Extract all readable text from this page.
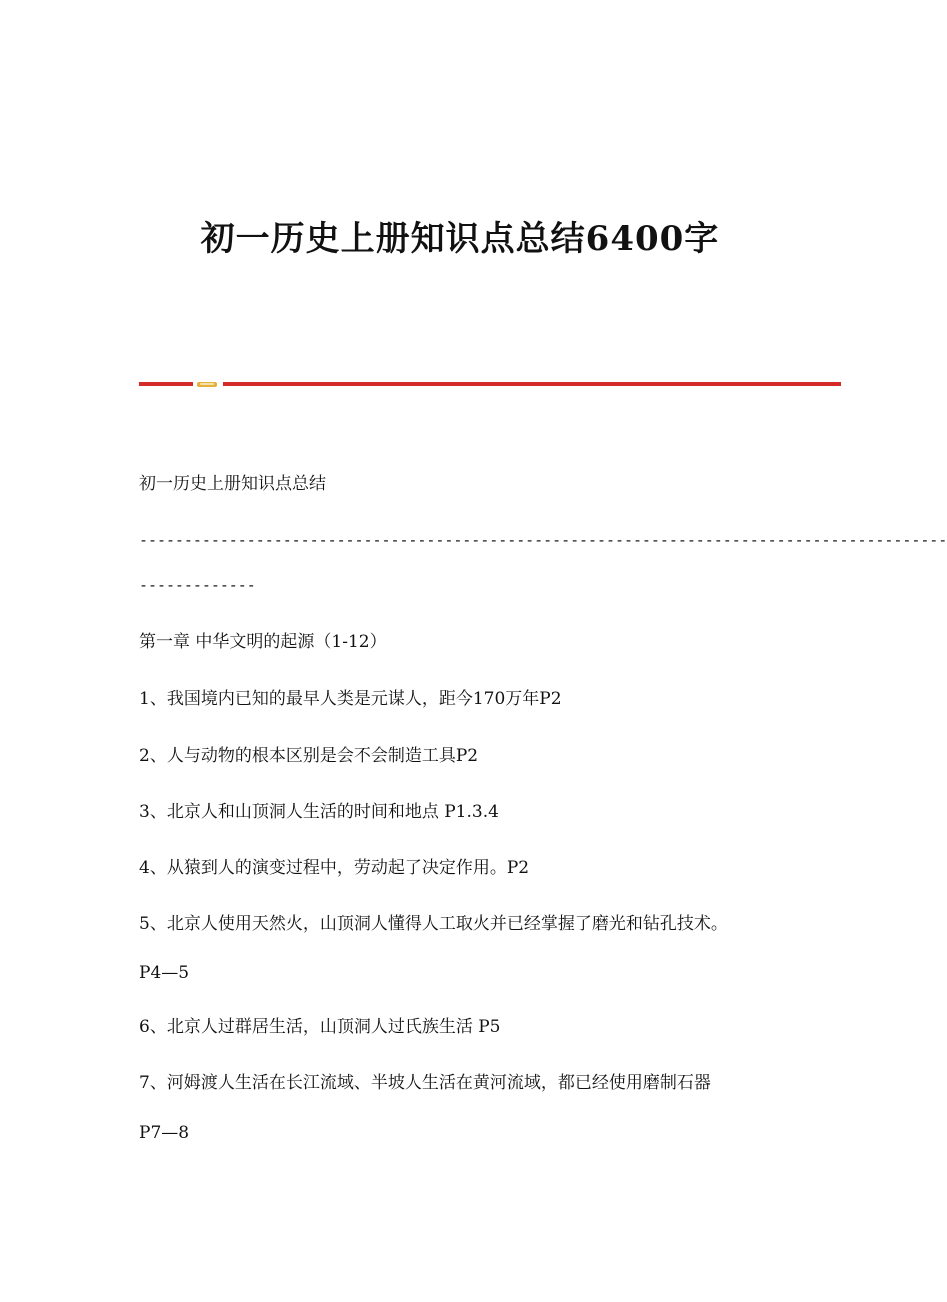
初一历史上册知识点总结6400字
初一历史上册知识点总结
------------------------------------------------------------------------------------------
-------------
第一章 中华文明的起源（1-12）
1、我国境内已知的最早人类是元谋人，距今170万年P2
2、人与动物的根本区别是会不会制造工具P2
3、北京人和山顶洞人生活的时间和地点 P1.3.4
4、从猿到人的演变过程中，劳动起了决定作用。P2
5、北京人使用天然火，山顶洞人懂得人工取火并已经掌握了磨光和钻孔技术。
P4—5
6、北京人过群居生活，山顶洞人过氏族生活 P5
7、河姆渡人生活在长江流域、半坡人生活在黄河流域，都已经使用磨制石器
P7—8
